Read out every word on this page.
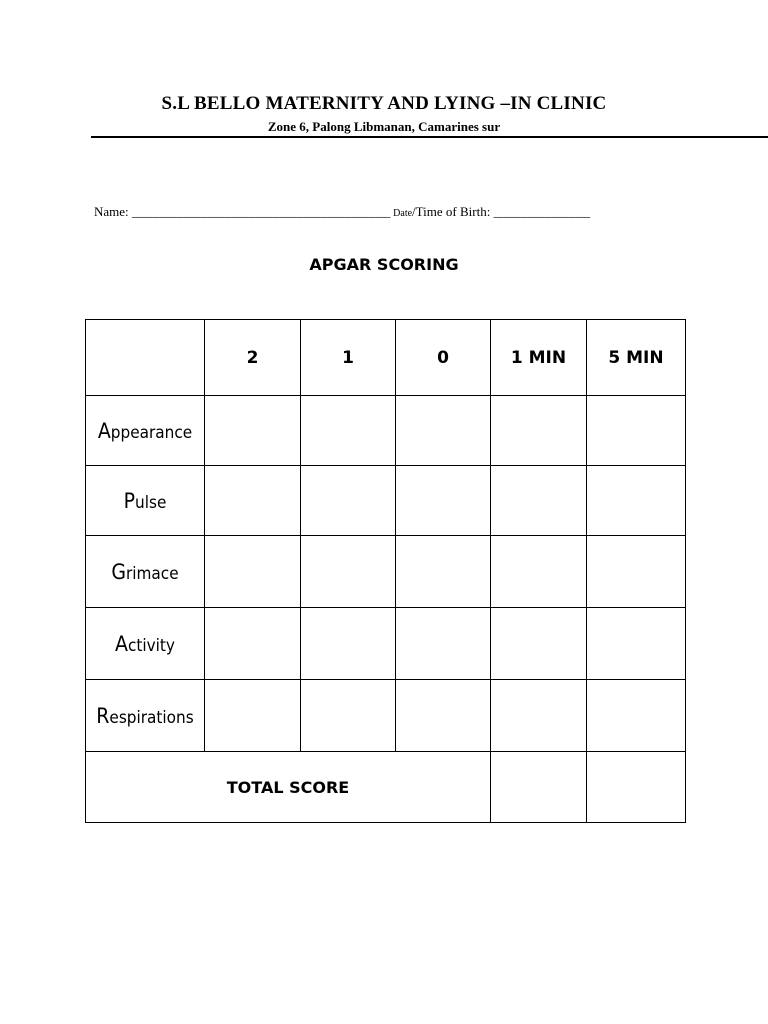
S.L BELLO MATERNITY AND LYING –IN CLINIC
Zone 6, Palong Libmanan, Camarines sur
Name: ___________________________________________ Date/Time of Birth: ________________
APGAR SCORING
	2	1	0	1 MIN	5 MIN
Appearance					
Pulse					
Grimace					
Activity					
Respirations					
TOTAL SCORE					
